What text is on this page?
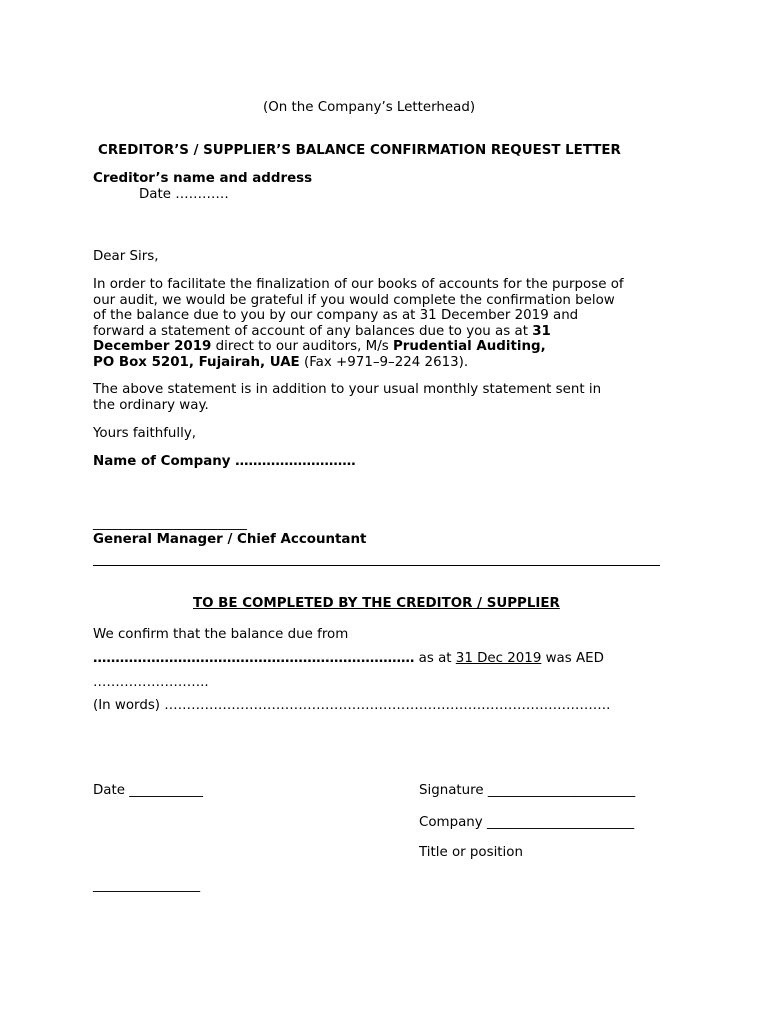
(On the Company’s Letterhead)
CREDITOR’S / SUPPLIER’S BALANCE CONFIRMATION REQUEST LETTER
Creditor’s name and address
Date …………
Dear Sirs,

In order to facilitate the finalization of our books of accounts for the purpose of

our audit, we would be grateful if you would complete the confirmation below

of the balance due to you by our company as at 31 December 2019 and

forward a statement of account of any balances due to you as at 31

December 2019 direct to our auditors, M/s Prudential Auditing,

PO Box 5201, Fujairah, UAE (Fax +971–9–224 2613).

The above statement is in addition to your usual monthly statement sent in

the ordinary way.

Yours faithfully,
Name of Company ………………………
_______________________
General Manager / Chief Accountant
TO BE COMPLETED BY THE CREDITOR / SUPPLIER
We confirm that the balance due from
……………………………………………………………… as at 31 Dec 2019 was AED
……………………..
(In words) ……………………………………………………………………………………….
Date ___________	Signature ______________________
Company ______________________
Title or position
________________
